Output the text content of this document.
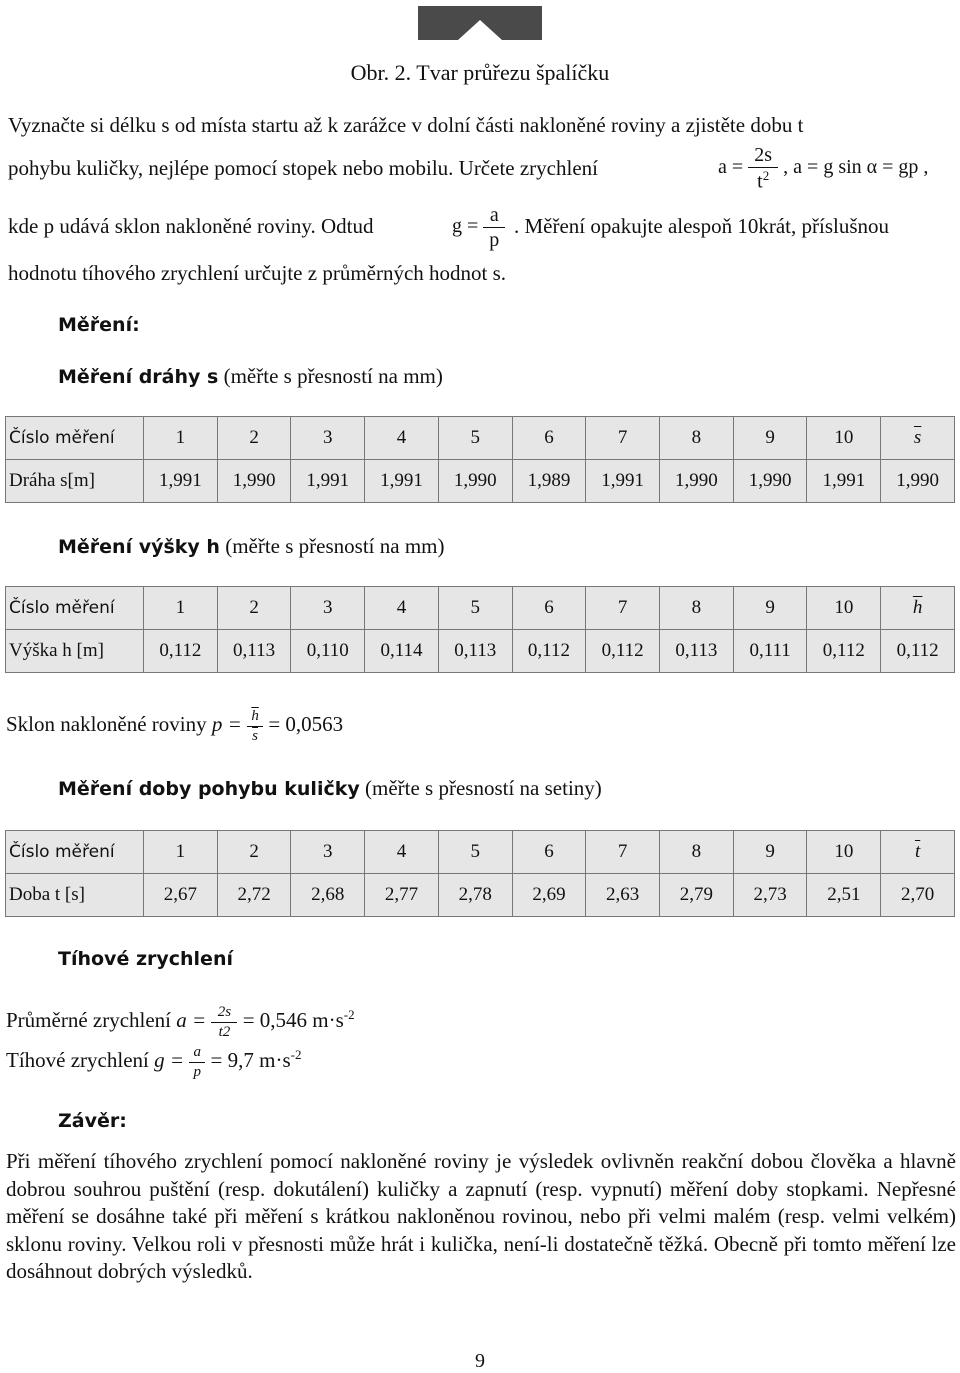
Obr. 2. Tvar průřezu špalíčku
Vyznačte si délku s od místa startu až k zarážce v dolní části nakloněné roviny a zjistěte dobu t
pohybu kuličky, nejlépe pomocí stopek nebo mobilu. Určete zrychlení	$a = \frac{2s}{t^2}$ , a = g sin α = gp ,
kde p udává sklon nakloněné roviny. Odtud	$g = \frac{a}{p}$ . Měření opakujte alespoň 10krát, příslušnou
hodnotu tíhového zrychlení určujte z průměrných hodnot s.
Měření:
Měření dráhy s (měřte s přesností na mm)
Číslo měření	1	2	3	4	5	6	7	8	9	10	$\overline{s}$
Dráha s[m]	1,991	1,990	1,991	1,991	1,990	1,989	1,991	1,990	1,990	1,991	1,990
Měření výšky h (měřte s přesností na mm)
Číslo měření	1	2	3	4	5	6	7	8	9	10	$\overline{h}$
Výška h [m]	0,112	0,113	0,110	0,114	0,113	0,112	0,112	0,113	0,111	0,112	0,112
Sklon nakloněné roviny $p = \frac{\overline{h}}{s} = 0,0563$
Měření doby pohybu kuličky (měřte s přesností na setiny)
Číslo měření	1	2	3	4	5	6	7	8	9	10	$\overline{t}$
Doba t [s]	2,67	2,72	2,68	2,77	2,78	2,69	2,63	2,79	2,73	2,51	2,70
Tíhové zrychlení
Průměrné zrychlení $a = \frac{2s}{t2} = 0,546$ $m\cdot s^{-2}$
Tíhové zrychlení $g = \frac{a}{p} = 9,7$ $m\cdot s^{-2}$
Závěr:
Při měření tíhového zrychlení pomocí nakloněné roviny je výsledek ovlivněn reakční dobou člověka a hlavně dobrou souhrou puštění (resp. dokutálení) kuličky a zapnutí (resp. vypnutí) měření doby stopkami. Nepřesné měření se dosáhne také při měření s krátkou nakloněnou rovinou, nebo při velmi malém (resp. velmi velkém) sklonu roviny. Velkou roli v přesnosti může hrát i kulička, není-li dostatečně těžká. Obecně při tomto měření lze dosáhnout dobrých výsledků.
9
